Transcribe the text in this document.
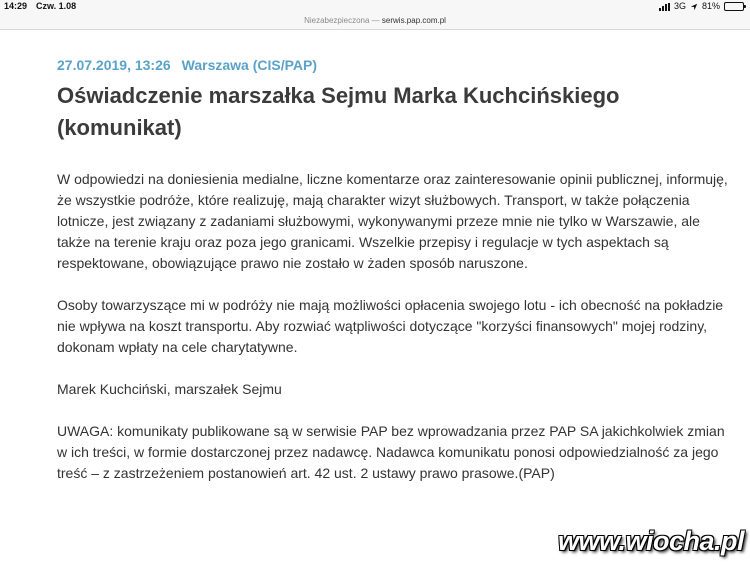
14:29 Czw. 1.08	3G 81%
Niezabezpieczona — serwis.pap.com.pl
27.07.2019, 13:26 Warszawa (CIS/PAP)
Oświadczenie marszałka Sejmu Marka Kuchcińskiego (komunikat)

W odpowiedzi na doniesienia medialne, liczne komentarze oraz zainteresowanie opinii publicznej, informuję, że wszystkie podróże, które realizuję, mają charakter wizyt służbowych. Transport, w także połączenia lotnicze, jest związany z zadaniami służbowymi, wykonywanymi przeze mnie nie tylko w Warszawie, ale także na terenie kraju oraz poza jego granicami. Wszelkie przepisy i regulacje w tych aspektach są respektowane, obowiązujące prawo nie zostało w żaden sposób naruszone.

Osoby towarzyszące mi w podróży nie mają możliwości opłacenia swojego lotu - ich obecność na pokładzie nie wpływa na koszt transportu. Aby rozwiać wątpliwości dotyczące "korzyści finansowych" mojej rodziny, dokonam wpłaty na cele charytatywne.

Marek Kuchciński, marszałek Sejmu

UWAGA: komunikaty publikowane są w serwisie PAP bez wprowadzania przez PAP SA jakichkolwiek zmian w ich treści, w formie dostarczonej przez nadawcę. Nadawca komunikatu ponosi odpowiedzialność za jego treść – z zastrzeżeniem postanowień art. 42 ust. 2 ustawy prawo prasowe.(PAP)

www.wiocha.pl
